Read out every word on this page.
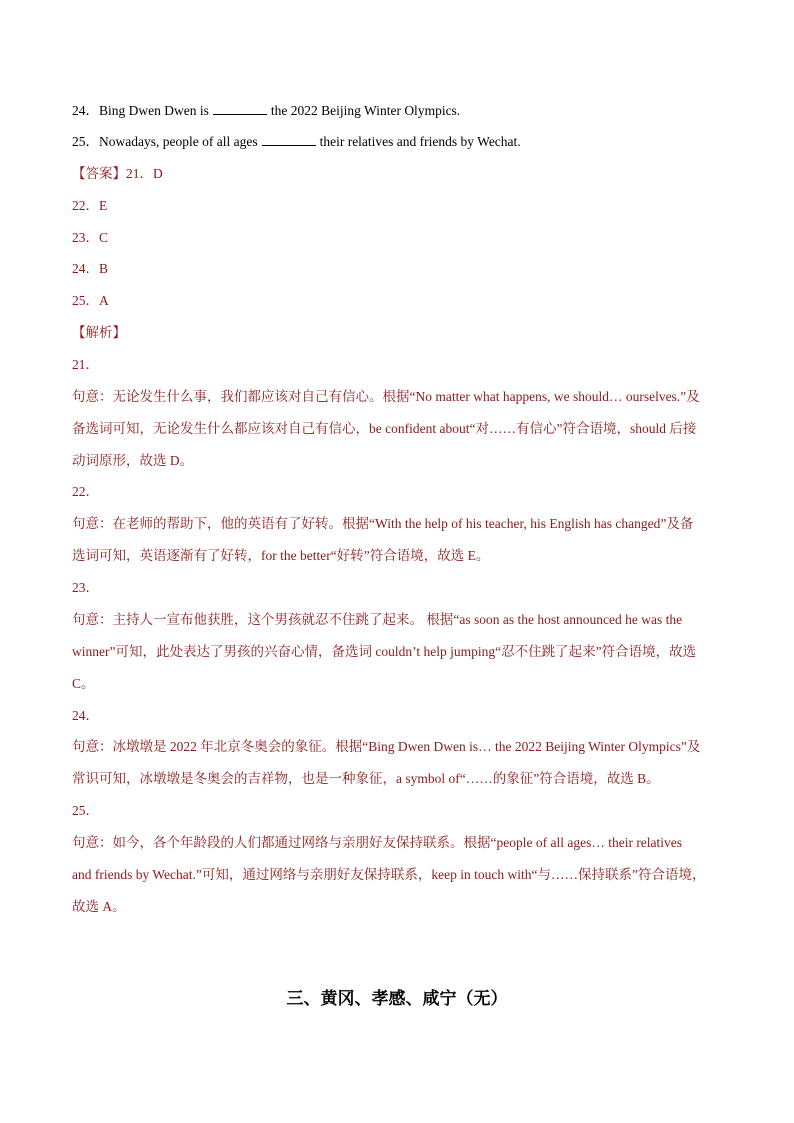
24．Bing Dwen Dwen is	the 2022 Beijing Winter Olympics.
25．Nowadays, people of all ages	their relatives and friends by Wechat.
【答案】21．D
22．E
23．C
24．B
25．A
【解析】
21．
句意：无论发生什么事，我们都应该对自己有信心。根据“No matter what happens, we should… ourselves.”及
备选词可知，无论发生什么都应该对自己有信心，be confident about“对……有信心”符合语境，should 后接
动词原形，故选 D。
22．
句意：在老师的帮助下，他的英语有了好转。根据“With the help of his teacher, his English has changed”及备
选词可知，英语逐渐有了好转，for the better“好转”符合语境，故选 E。
23．
句意：主持人一宣布他获胜，这个男孩就忍不住跳了起来。 根据“as soon as the host announced he was the
winner”可知，此处表达了男孩的兴奋心情，备选词 couldn’t help jumping“忍不住跳了起来”符合语境，故选
C。
24．
句意：冰墩墩是 2022 年北京冬奥会的象征。根据“Bing Dwen Dwen is… the 2022 Beijing Winter Olympics”及
常识可知，冰墩墩是冬奥会的吉祥物，也是一种象征，a symbol of“……的象征”符合语境，故选 B。
25．
句意：如今，各个年龄段的人们都通过网络与亲朋好友保持联系。根据“people of all ages… their relatives
and friends by Wechat.”可知，通过网络与亲朋好友保持联系，keep in touch with“与……保持联系”符合语境，
故选 A。
三、黄冈、孝感、咸宁（无）
